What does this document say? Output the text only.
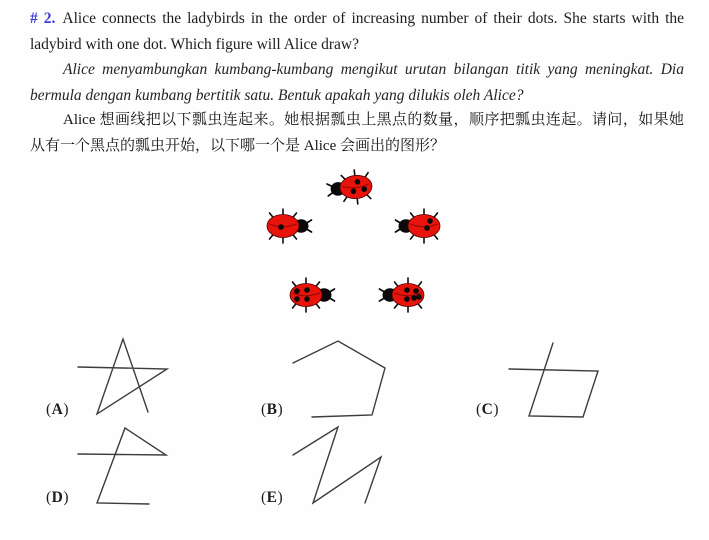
# 2. Alice connects the ladybirds in the order of increasing number of their dots. She starts with the ladybird with one dot. Which figure will Alice draw?

Alice menyambungkan kumbang-kumbang mengikut urutan bilangan titik yang meningkat. Dia bermula dengan kumbang bertitik satu. Bentuk apakah yang dilukis oleh Alice?

Alice 想画线把以下瓢虫连起来。她根据瓢虫上黑点的数量，顺序把瓢虫连起。请问，如果她从有一个黑点的瓢虫开始，以下哪一个是 Alice 会画出的图形？

(A)	(B)	(C)
(D)	(E)
